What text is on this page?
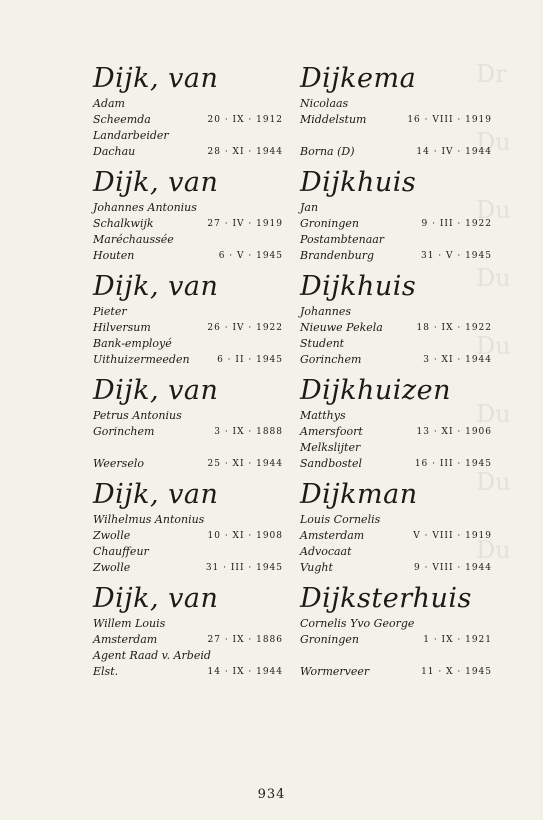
Dr
Du
Du
Du
Du
Du
Du
Du
Dijk, van
Adam
Scheemda	20 · IX · 1912
Landarbeider
Dachau	28 · XI · 1944
Dijk, van
Johannes Antonius
Schalkwijk	27 · IV · 1919
Maréchaussée
Houten	6 · V · 1945
Dijk, van
Pieter
Hilversum	26 · IV · 1922
Bank-employé
Uithuizermeeden	6 · II · 1945
Dijk, van
Petrus Antonius
Gorinchem	3 · IX · 1888
Weerselo	25 · XI · 1944
Dijk, van
Wilhelmus Antonius
Zwolle	10 · XI · 1908
Chauffeur
Zwolle	31 · III · 1945
Dijk, van
Willem Louis
Amsterdam	27 · IX · 1886
Agent Raad v. Arbeid
Elst.	14 · IX · 1944
Dijkema
Nicolaas
Middelstum	16 · VIII · 1919
Borna (D)	14 · IV · 1944
Dijkhuis
Jan
Groningen	9 · III · 1922
Postambtenaar
Brandenburg	31 · V · 1945
Dijkhuis
Johannes
Nieuwe Pekela	18 · IX · 1922
Student
Gorinchem	3 · XI · 1944
Dijkhuizen
Matthys
Amersfoort	13 · XI · 1906
Melkslijter
Sandbostel	16 · III · 1945
Dijkman
Louis Cornelis
Amsterdam	V · VIII · 1919
Advocaat
Vught	9 · VIII · 1944
Dijksterhuis
Cornelis Yvo George
Groningen	1 · IX · 1921
Wormerveer	11 · X · 1945
934
